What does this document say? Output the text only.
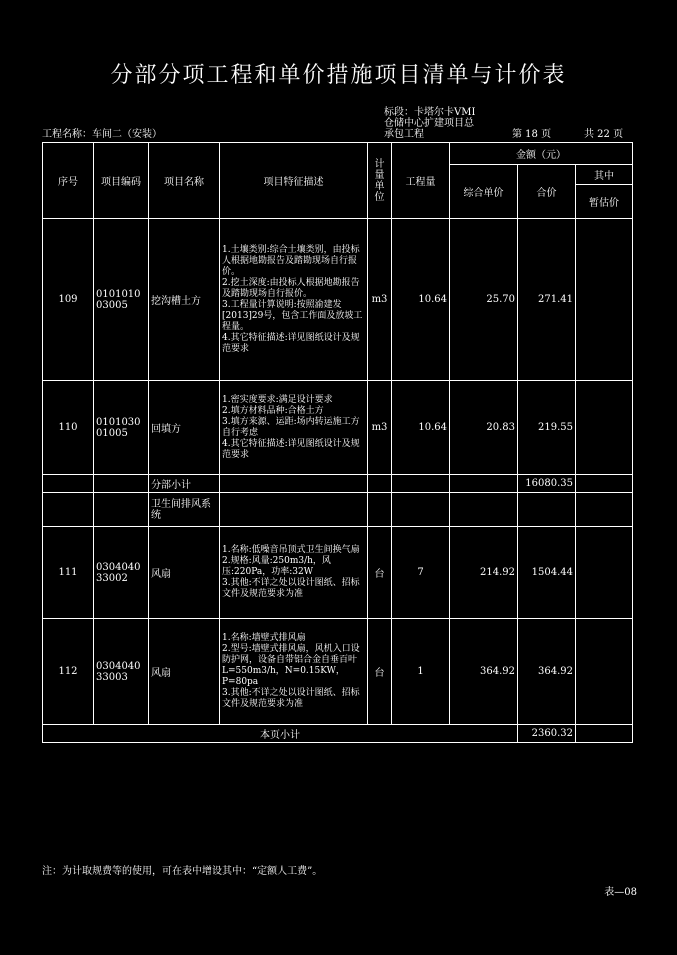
分部分项工程和单价措施项目清单与计价表
标段：卡塔尔卡VMI
仓储中心扩建项目总
承包工程
工程名称：车间二（安装）	第 18 页	共 22 页
序号	项目编码	项目名称	项目特征描述	计量单位	工程量	金额（元）		
						综合单价	合价	其中
								暂估价
109	010101003005	挖沟槽土方	1.土壤类别:综合土壤类别，由投标人根据地勘报告及踏勘现场自行报价。
2.挖土深度:由投标人根据地勘报告及踏勘现场自行报价。
3.工程量计算说明:按照渝建发[2013]29号，包含工作面及放坡工程量。
4.其它特征描述:详见图纸设计及规范要求	m3	10.64	25.70	271.41	
110	010103001005	回填方	1.密实度要求:满足设计要求
2.填方材料品种:合格土方
3.填方来源、运距:场内转运施工方自行考虑
4.其它特征描述:详见图纸设计及规范要求	m3	10.64	20.83	219.55	
		分部小计					16080.35	
		卫生间排风系统						
111	030404033002	风扇	1.名称:低噪音吊顶式卫生间换气扇
2.规格:风量:250m3/h，风压:220Pa，功率:32W
3.其他:不详之处以设计图纸、招标文件及规范要求为准	台	7	214.92	1504.44	
112	030404033003	风扇	1.名称:墙壁式排风扇
2.型号:墙壁式排风扇，风机入口设防护网，设备自带铝合金自垂百叶L=550m3/h，N=0.15KW，P=80pa
3.其他:不详之处以设计图纸、招标文件及规范要求为准	台	1	364.92	364.92	
本页小计							2360.32	
注：为计取规费等的使用，可在表中增设其中：“定额人工费”。
表—08
